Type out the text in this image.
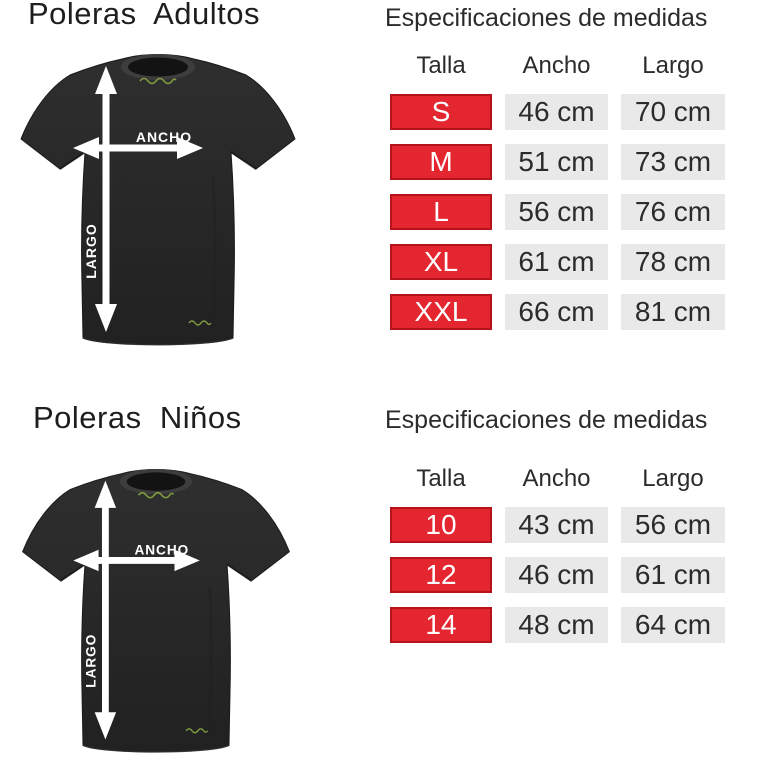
Poleras  Adultos
ANCHO
LARGO
Especificaciones de medidas
Talla	Ancho	Largo
S	46 cm	70 cm
M	51 cm	73 cm
L	56 cm	76 cm
XL	61 cm	78 cm
XXL	66 cm	81 cm
Poleras  Niños
ANCHO
LARGO
Especificaciones de medidas
Talla	Ancho	Largo
10	43 cm	56 cm
12	46 cm	61 cm
14	48 cm	64 cm
